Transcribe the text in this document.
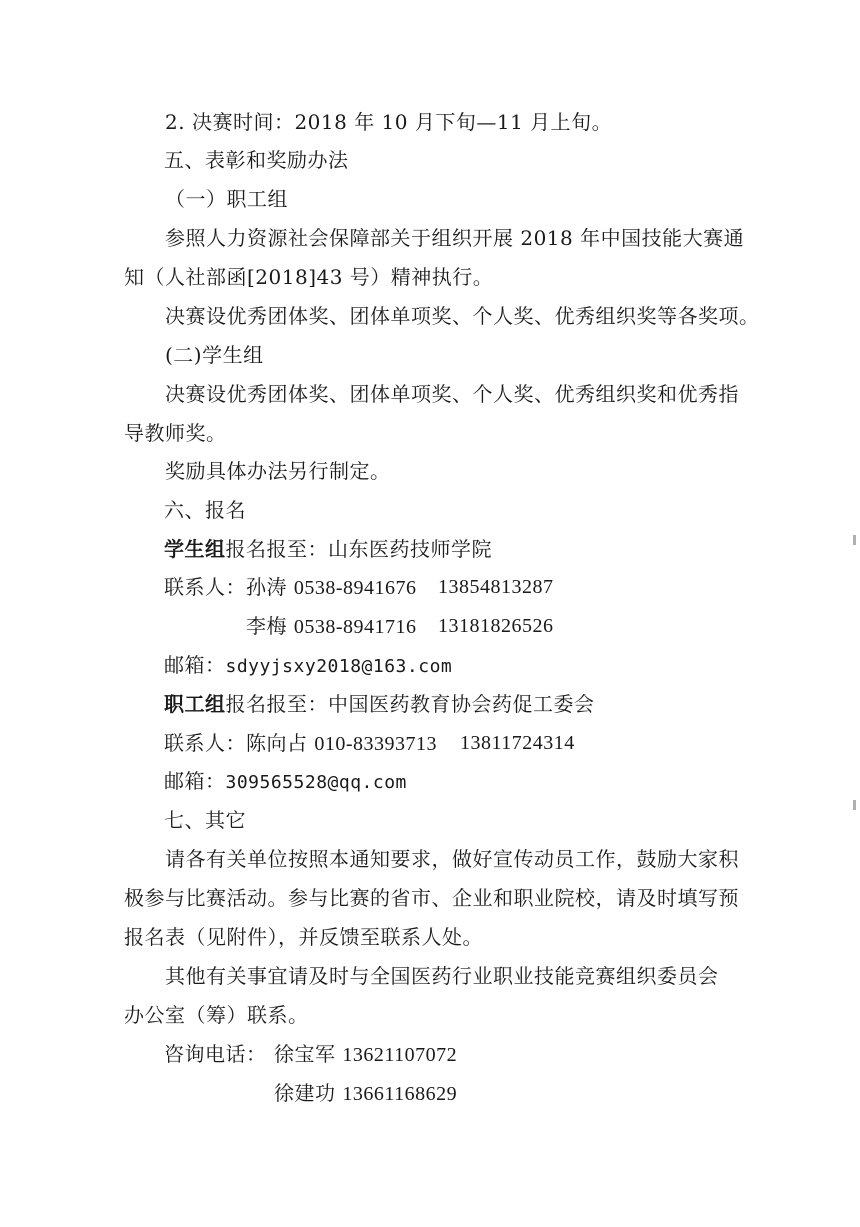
2. 决赛时间：2018 年 10 月下旬—11 月上旬。
五、表彰和奖励办法
（一）职工组
参照人力资源社会保障部关于组织开展 2018 年中国技能大赛通
知（人社部函[2018]43 号）精神执行。
决赛设优秀团体奖、团体单项奖、个人奖、优秀组织奖等各奖项。
(二)学生组
决赛设优秀团体奖、团体单项奖、个人奖、优秀组织奖和优秀指
导教师奖。
奖励具体办法另行制定。
六、报名
学生组报名报至：山东医药技师学院
联系人：孙涛 0538-8941676 13854813287
李梅 0538-8941716 13181826526
邮箱：sdyyjsxy2018@163.com
职工组报名报至：中国医药教育协会药促工委会
联系人：陈向占 010-83393713 13811724314
邮箱：309565528@qq.com
七、其它
请各有关单位按照本通知要求，做好宣传动员工作，鼓励大家积
极参与比赛活动。参与比赛的省市、企业和职业院校，请及时填写预
报名表（见附件），并反馈至联系人处。
其他有关事宜请及时与全国医药行业职业技能竞赛组织委员会
办公室（筹）联系。
咨询电话： 徐宝军 13621107072
徐建功 13661168629
